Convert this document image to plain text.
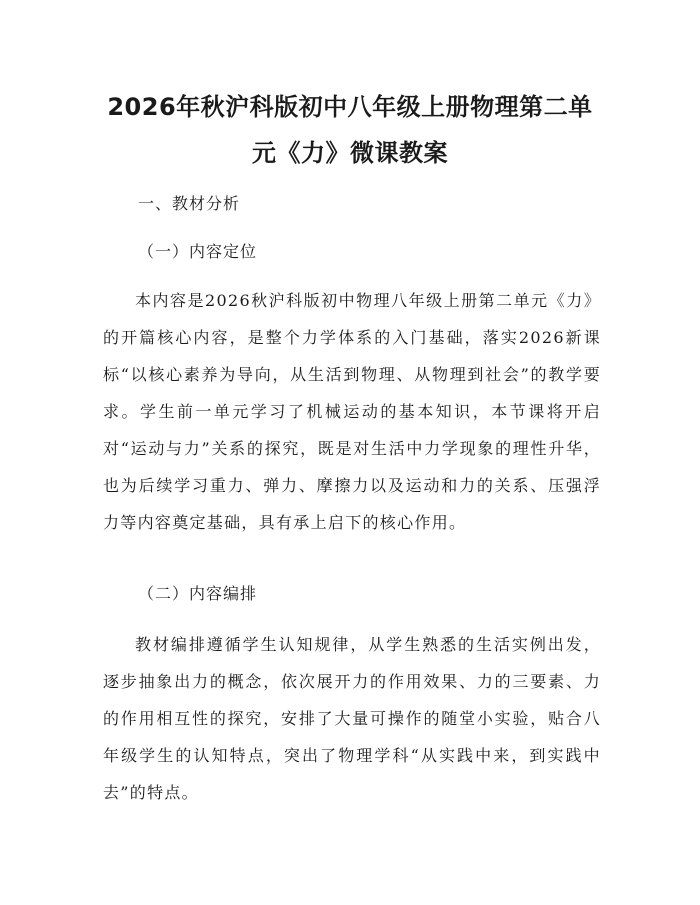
2026年秋沪科版初中八年级上册物理第二单
元《力》微课教案
一、教材分析
（一）内容定位

本内容是2026秋沪科版初中物理八年级上册第二单元《力》的开篇核心内容，是整个力学体系的入门基础，落实2026新课标“以核心素养为导向，从生活到物理、从物理到社会”的教学要求。学生前一单元学习了机械运动的基本知识，本节课将开启对“运动与力”关系的探究，既是对生活中力学现象的理性升华，也为后续学习重力、弹力、摩擦力以及运动和力的关系、压强浮力等内容奠定基础，具有承上启下的核心作用。

（二）内容编排

教材编排遵循学生认知规律，从学生熟悉的生活实例出发，逐步抽象出力的概念，依次展开力的作用效果、力的三要素、力的作用相互性的探究，安排了大量可操作的随堂小实验，贴合八年级学生的认知特点，突出了物理学科“从实践中来，到实践中去”的特点。
